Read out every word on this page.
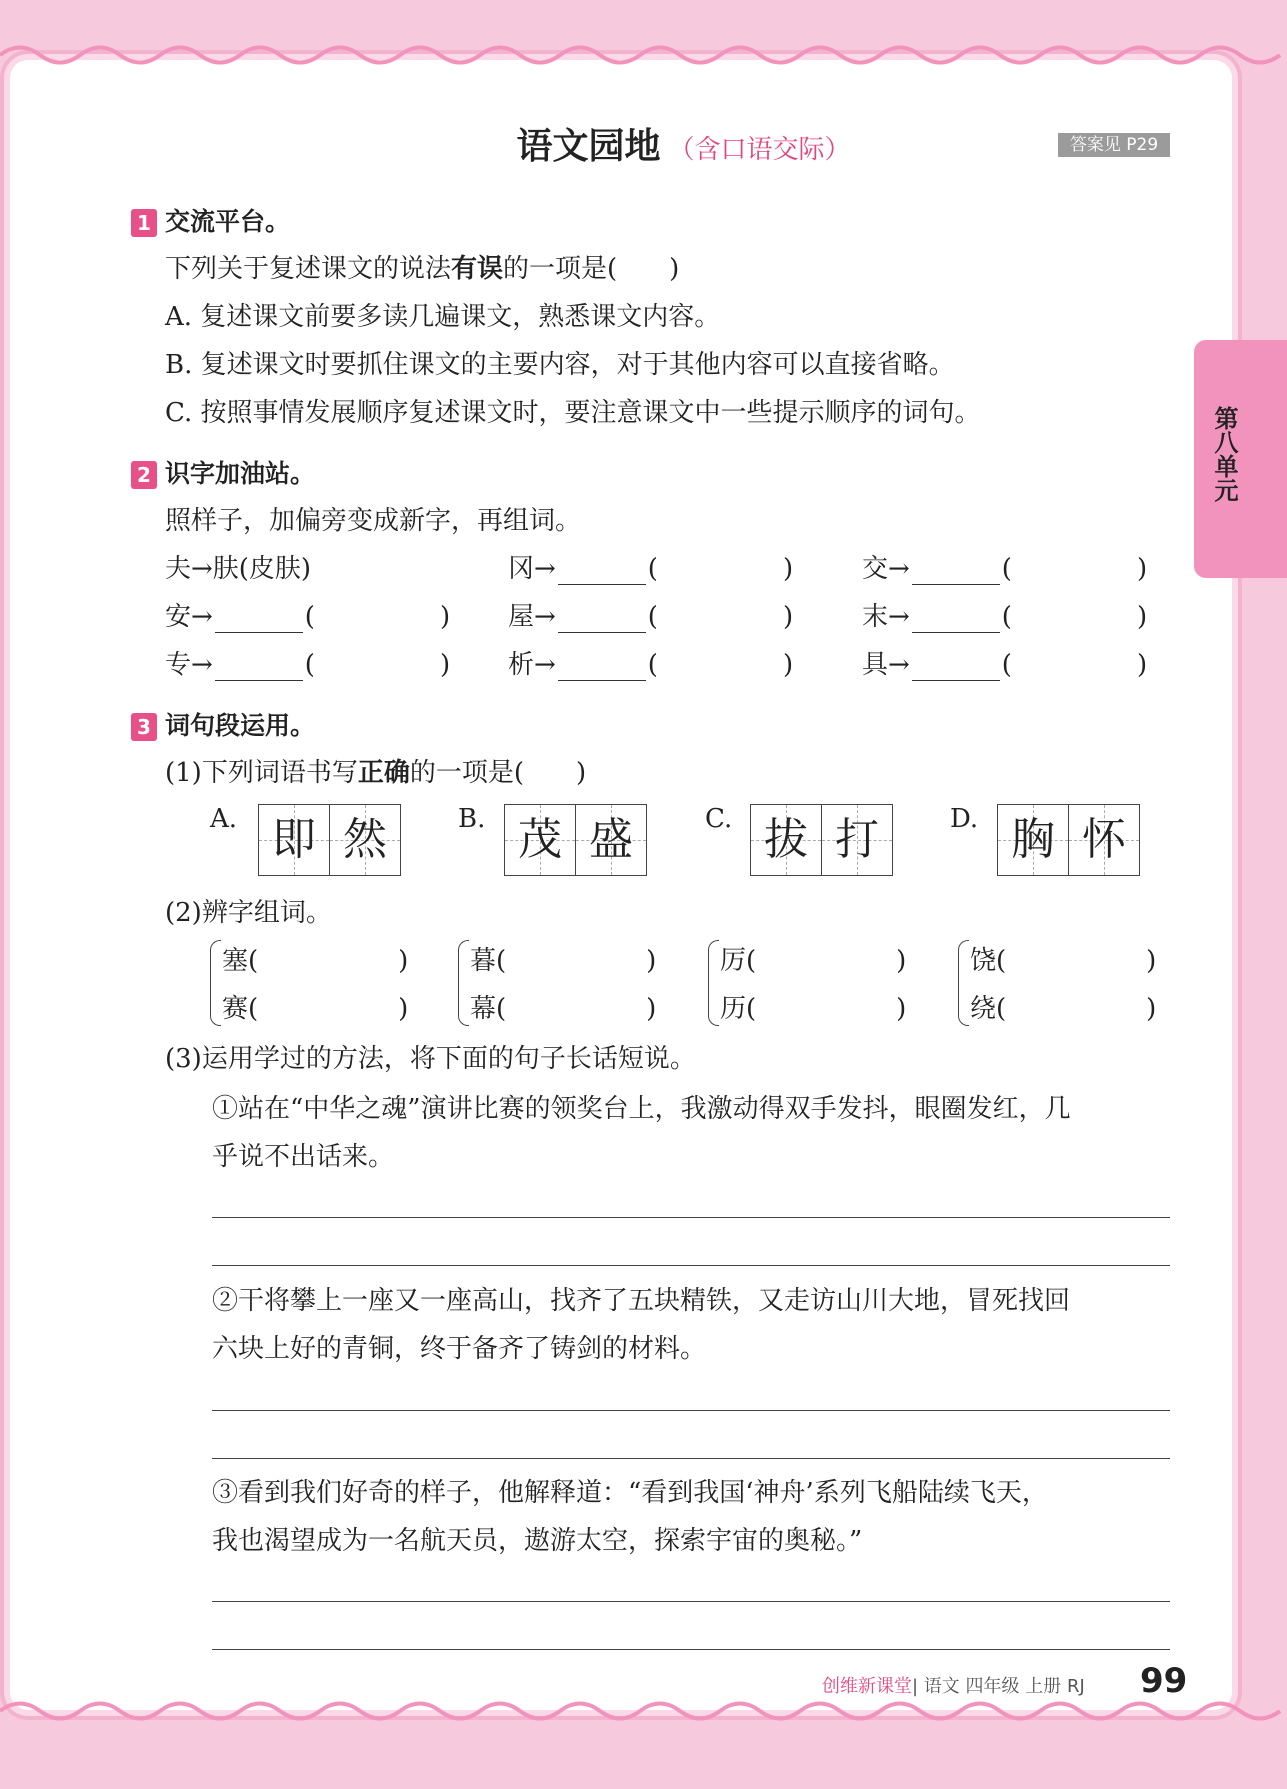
语文园地 （含口语交际）	答案见 P29
第八单元
1 交流平台。
下列关于复述课文的说法有误的一项是(　　)
A. 复述课文前要多读几遍课文，熟悉课文内容。
B. 复述课文时要抓住课文的主要内容，对于其他内容可以直接省略。
C. 按照事情发展顺序复述课文时，要注意课文中一些提示顺序的词句。
2 识字加油站。
照样子，加偏旁变成新字，再组词。
夫→肤(皮肤)	冈→	(	)	交→	(	)
安→	(	) 屋→	(	)	末→	(	)
专→	(	) 析→	(	)	具→	(	)
3 词句段运用。
(1)下列词语书写正确的一项是(　　)
A. 即 然	B. 茂 盛	C. 拔 打	D. 胸 怀
(2)辨字组词。
塞(	)
赛(	)
暮(	)
幕(	)
厉(	)
历(	)
饶(	)
绕(	)
(3)运用学过的方法，将下面的句子长话短说。
①站在“中华之魂”演讲比赛的领奖台上，我激动得双手发抖，眼圈发红，几
乎说不出话来。
②干将攀上一座又一座高山，找齐了五块精铁，又走访山川大地，冒死找回
六块上好的青铜，终于备齐了铸剑的材料。
③看到我们好奇的样子，他解释道：“看到我国‘神舟’系列飞船陆续飞天，
我也渴望成为一名航天员，遨游太空，探索宇宙的奥秘。”
创维新课堂| 语文 四年级 上册 RJ 99
